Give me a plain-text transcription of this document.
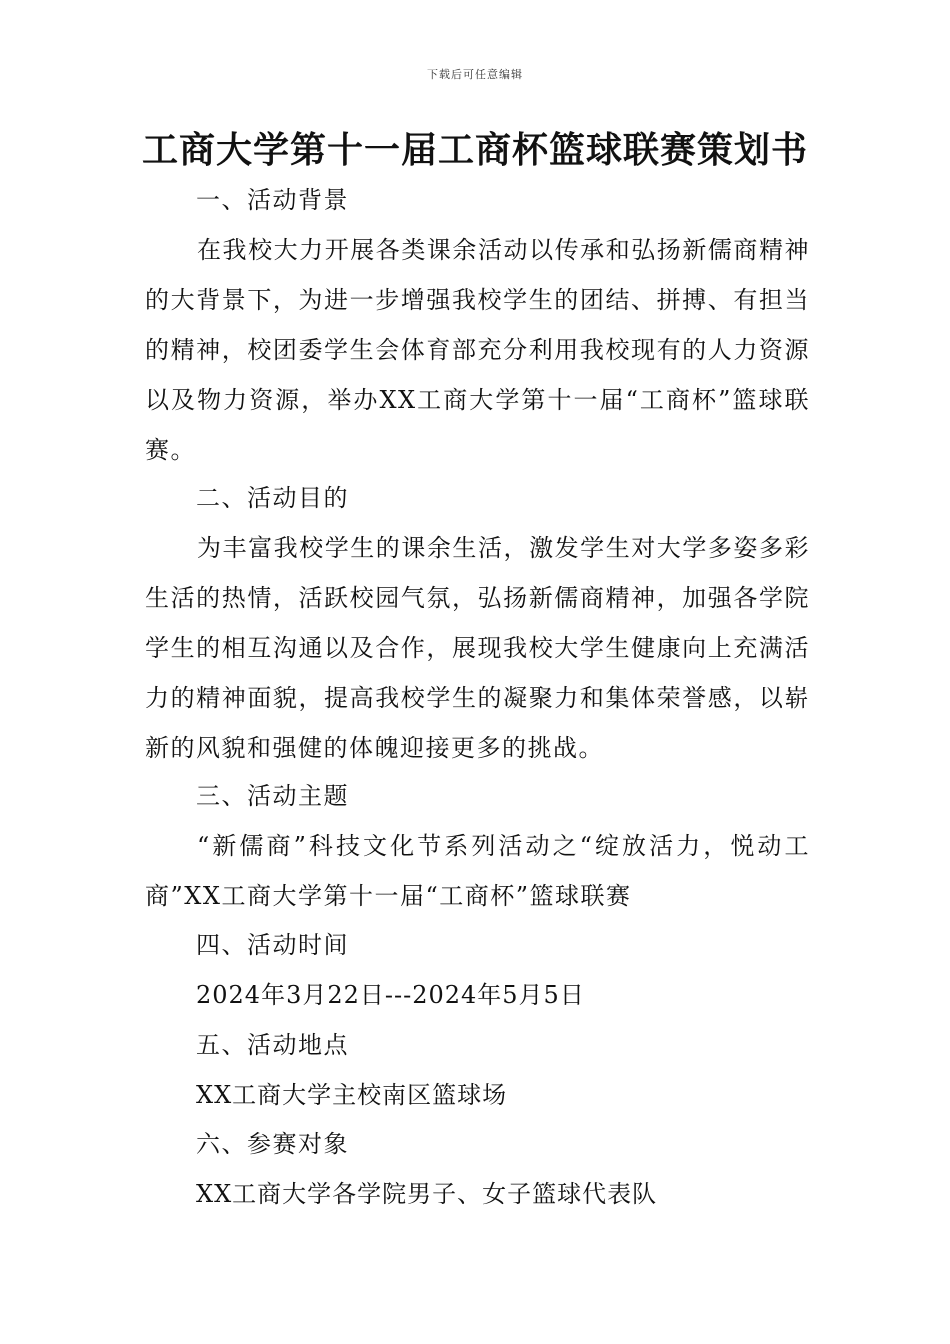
下载后可任意编辑
工商大学第十一届工商杯篮球联赛策划书
一、活动背景

在我校大力开展各类课余活动以传承和弘扬新儒商精神的大背景下，为进一步增强我校学生的团结、拼搏、有担当的精神，校团委学生会体育部充分利用我校现有的人力资源以及物力资源，举办XX工商大学第十一届“工商杯”篮球联赛。

二、活动目的

为丰富我校学生的课余生活，激发学生对大学多姿多彩生活的热情，活跃校园气氛，弘扬新儒商精神，加强各学院学生的相互沟通以及合作，展现我校大学生健康向上充满活力的精神面貌，提高我校学生的凝聚力和集体荣誉感，以崭新的风貌和强健的体魄迎接更多的挑战。

三、活动主题

“新儒商”科技文化节系列活动之“绽放活力，悦动工商”XX工商大学第十一届“工商杯”篮球联赛

四、活动时间
2024年3月22日---2024年5月5日
五、活动地点
XX工商大学主校南区篮球场
六、参赛对象
XX工商大学各学院男子、女子篮球代表队
